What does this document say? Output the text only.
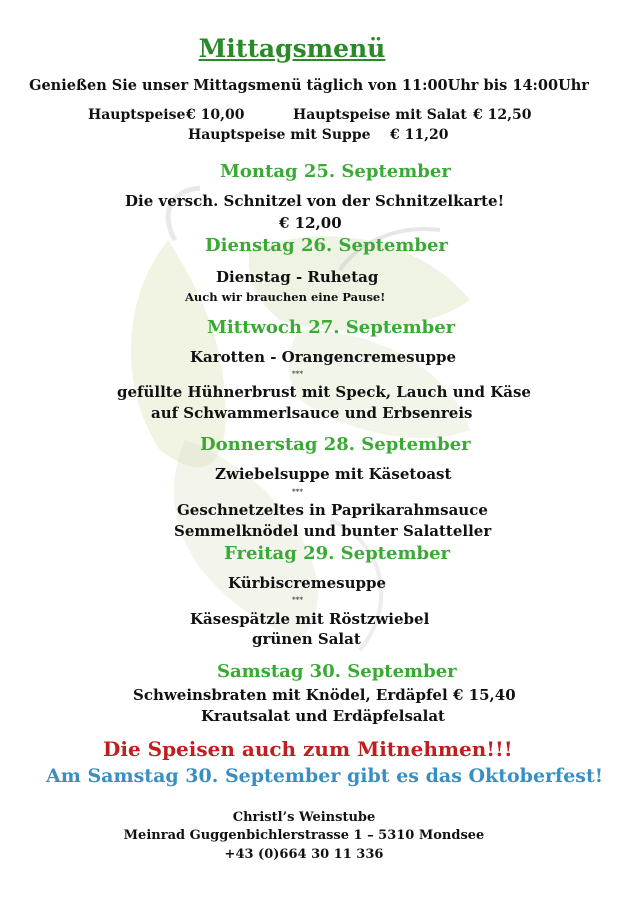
Mittagsmenü
Genießen Sie unser Mittagsmenü täglich von 11:00Uhr bis 14:00Uhr
Hauptspeise € 10,00	Hauptspeise mit Salat € 12,50
Hauptspeise mit Suppe € 11,20
Montag 25. September
Die versch. Schnitzel von der Schnitzelkarte!
€ 12,00
Dienstag 26. September
Dienstag - Ruhetag
Auch wir brauchen eine Pause!
Mittwoch 27. September
Karotten - Orangencremesuppe
***
gefüllte Hühnerbrust mit Speck, Lauch und Käse
auf Schwammerlsauce und Erbsenreis
Donnerstag 28. September
Zwiebelsuppe mit Käsetoast
***
Geschnetzeltes in Paprikarahmsauce
Semmelknödel und bunter Salatteller
Freitag 29. September
Kürbiscremesuppe
***
Käsespätzle mit Röstzwiebel
grünen Salat
Samstag 30. September
Schweinsbraten mit Knödel, Erdäpfel € 15,40
Krautsalat und Erdäpfelsalat
Die Speisen auch zum Mitnehmen!!!
Am Samstag 30. September gibt es das Oktoberfest!
Christl’s Weinstube
Meinrad Guggenbichlerstrasse 1 – 5310 Mondsee
+43 (0)664 30 11 336
